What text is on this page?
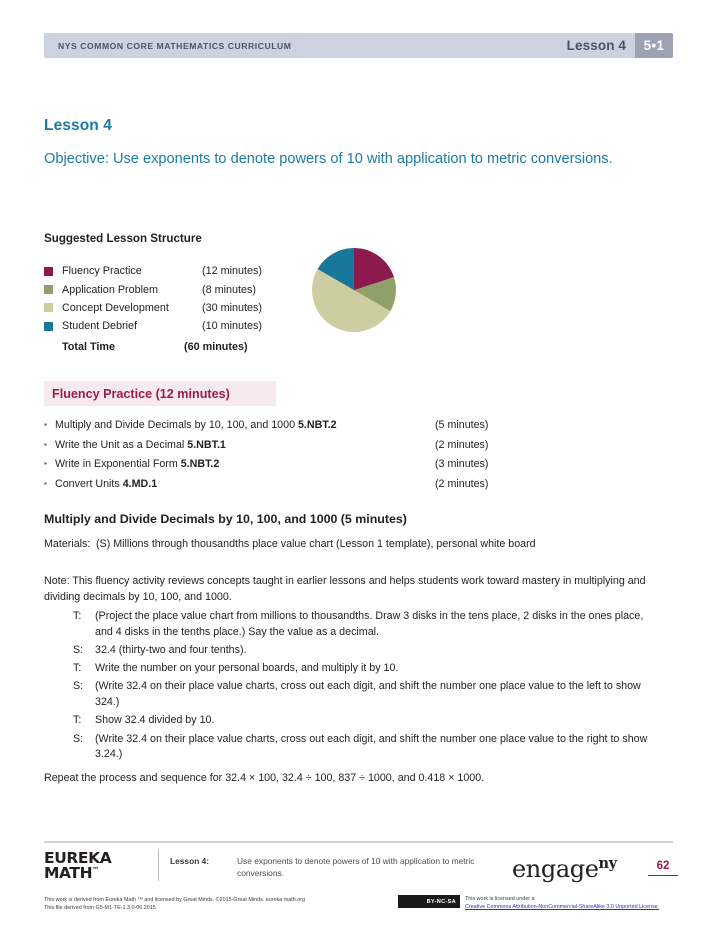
NYS COMMON CORE MATHEMATICS CURRICULUM	Lesson 4	5•1
Lesson 4
Objective: Use exponents to denote powers of 10 with application to metric conversions.
Suggested Lesson Structure
Fluency Practice	(12 minutes)
Application Problem	(8 minutes)
Concept Development	(30 minutes)
Student Debrief	(10 minutes)
Total Time	(60 minutes)
Fluency Practice (12 minutes)
▪ Multiply and Divide Decimals by 10, 100, and 1000 5.NBT.2	(5 minutes)
▪ Write the Unit as a Decimal 5.NBT.1	(2 minutes)
▪ Write in Exponential Form 5.NBT.2	(3 minutes)
▪ Convert Units 4.MD.1	(2 minutes)
Multiply and Divide Decimals by 10, 100, and 1000 (5 minutes)
Materials: (S) Millions through thousandths place value chart (Lesson 1 template), personal white board
Note: This fluency activity reviews concepts taught in earlier lessons and helps students work toward mastery in multiplying and dividing decimals by 10, 100, and 1000.
T:	(Project the place value chart from millions to thousandths. Draw 3 disks in the tens place, 2 disks in the ones place, and 4 disks in the tenths place.) Say the value as a decimal.
S:	32.4 (thirty-two and four tenths).
T:	Write the number on your personal boards, and multiply it by 10.
S:	(Write 32.4 on their place value charts, cross out each digit, and shift the number one place value to the left to show 324.)
T:	Show 32.4 divided by 10.
S:	(Write 32.4 on their place value charts, cross out each digit, and shift the number one place value to the right to show 3.24.)
Repeat the process and sequence for 32.4 × 100, 32.4 ÷ 100, 837 ÷ 1000, and 0.418 × 1000.
EUREKA
MATH™
Lesson 4:	Use exponents to denote powers of 10 with application to metric conversions.	engage$^{ny}$	62
This work is derived from Eureka Math ™ and licensed by Great Minds. ©2015-Great Minds. eureka math.org
This file derived from G5-M1-TE-1.3.0-06.2015
BY-NC-SA	This work is licensed under a
Creative Commons Attribution-NonCommercial-ShareAlike 3.0 Unported License.
